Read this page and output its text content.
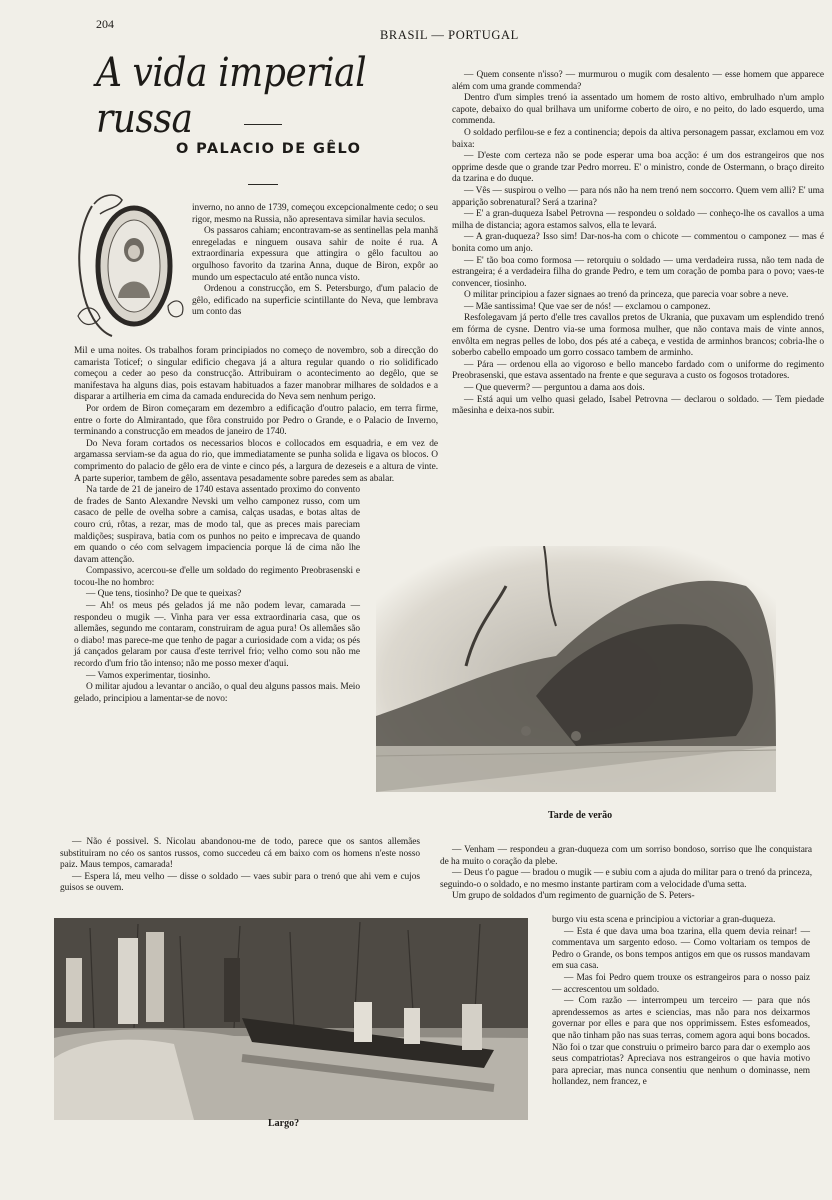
204
BRASIL — PORTUGAL
A vida imperial russa
O PALACIO DE GÊLO

inverno, no anno de 1739, começou excepcionalmente cedo; o seu rigor, mesmo na Russia, não apresentava similar havia seculos.

Os passaros cahiam; encontravam-se as sentinellas pela manhã enregeladas e ninguem ousava sahir de noite é rua. A extraordinaria expessura que attingira o gêlo facultou ao orgulhoso favorito da tzarina Anna, duque de Biron, expôr ao mundo um espectaculo até então nunca visto.

Ordenou a construcção, em S. Petersburgo, d'um palacio de gêlo, edificado na superficie scintillante do Neva, que lembrava um conto das

Mil e uma noites. Os trabalhos foram principiados no começo de novembro, sob a direcção do camarista Toticef; o singular edificio chegava já a altura regular quando o rio solidificado começou a ceder ao peso da construcção. Attribuiram o acontecimento ao degêlo, que se manifestava ha alguns dias, pois estavam habituados a fazer manobrar milhares de soldados e a disparar a artilheria em cima da camada endurecida do Neva sem nenhum perigo.

Por ordem de Biron começaram em dezembro a edificação d'outro palacio, em terra firme, entre o forte do Almirantado, que fôra construido por Pedro o Grande, e o Palacio de Inverno, terminando a construcção em meados de janeiro de 1740.

Do Neva foram cortados os necessarios blocos e collocados em esquadria, e em vez de argamassa serviam-se da agua do rio, que immediatamente se punha solida e ligava os blocos. O comprimento do palacio de gêlo era de vinte e cinco pés, a largura de dezeseis e a altura de vinte. A parte superior, tambem de gêlo, assentava pesadamente sobre paredes sem as abalar.

Na tarde de 21 de janeiro de 1740 estava assentado proximo do convento de frades de Santo Alexandre Nevski um velho camponez russo, com um casaco de pelle de ovelha sobre a camisa, calças usadas, e botas altas de couro crú, rôtas, a rezar, mas de modo tal, que as preces mais pareciam maldições; suspirava, batia com os punhos no peito e imprecava de quando em quando o céo com selvagem impaciencia porque lá de cima não lhe davam attenção.

Compassivo, acercou-se d'elle um soldado do regimento Preobrasenski e tocou-lhe no hombro:

— Que tens, tiosinho? De que te queixas?

— Ah! os meus pés gelados já me não podem levar, camarada — respondeu o mugik —. Vinha para ver essa extraordinaria casa, que os allemães, segundo me contaram, construiram de agua pura! Os allemães são o diabo! mas parece-me que tenho de pagar a curiosidade com a vida; os pés já cançados gelaram por causa d'este terrivel frio; velho como sou não me recordo d'um frio tão intenso; não me posso mexer d'aqui.

— Vamos experimentar, tiosinho.

O militar ajudou a levantar o ancião, o qual deu alguns passos mais. Meio gelado, principiou a lamentar-se de novo:

— Não é possivel. S. Nicolau abandonou-me de todo, parece que os santos allemães substituiram no céo os santos russos, como succedeu cá em baixo com os homens n'este nosso paiz. Maus tempos, camarada!

— Espera lá, meu velho — disse o soldado — vaes subir para o trenó que ahi vem e cujos guisos se ouvem.

— Quem consente n'isso? — murmurou o mugik com desalento — esse homem que apparece além com uma grande commenda?

Dentro d'um simples trenó ia assentado um homem de rosto altivo, embrulhado n'um amplo capote, debaixo do qual brilhava um uniforme coberto de oiro, e no peito, do lado esquerdo, uma commenda.

O soldado perfilou-se e fez a continencia; depois da altiva personagem passar, exclamou em voz baixa:

— D'este com certeza não se pode esperar uma boa acção: é um dos estrangeiros que nos opprime desde que o grande tzar Pedro morreu. E' o ministro, conde de Ostermann, o braço direito da tzarina e do duque.

— Vês — suspirou o velho — para nós não ha nem trenó nem soccorro. Quem vem alli? E' uma apparição sobrenatural? Será a tzarina?

— E' a gran-duqueza Isabel Petrovna — respondeu o soldado — conheço-lhe os cavallos a uma milha de distancia; agora estamos salvos, ella te levará.

— A gran-duqueza? Isso sim! Dar-nos-ha com o chicote — commentou o camponez — mas é bonita como um anjo.

— E' tão boa como formosa — retorquiu o soldado — uma verdadeira russa, não tem nada de estrangeira; é a verdadeira filha do grande Pedro, e tem um coração de pomba para o povo; vaes-te convencer, tiosinho.

O militar principiou a fazer signaes ao trenó da princeza, que parecia voar sobre a neve.

— Mãe santissima! Que vae ser de nós! — exclamou o camponez.

Resfolegavam já perto d'elle tres cavallos pretos de Ukrania, que puxavam um esplendido trenó em fórma de cysne. Dentro via-se uma formosa mulher, que não contava mais de vinte annos, envôlta em negras pelles de lobo, dos pés até a cabeça, e vestida de arminhos brancos; cobria-lhe o soberbo cabello empoado um gorro cossaco tambem de arminho.

— Pára — ordenou ella ao vigoroso e bello mancebo fardado com o uniforme do regimento Preobrasenski, que estava assentado na frente e que segurava a custo os fogosos trotadores.

— Que queverm? — perguntou a dama aos dois.

— Está aqui um velho quasi gelado, Isabel Petrovna — declarou o soldado. — Tem piedade mãesinha e deixa-nos subir.

Tarde de verão

— Venham — respondeu a gran-duqueza com um sorriso bondoso, sorriso que lhe conquistara de ha muito o coração da plebe.

— Deus t'o pague — bradou o mugik — e subiu com a ajuda do militar para o trenó da princeza, seguindo-o o soldado, e no mesmo instante partiram com a velocidade d'uma setta.

Um grupo de soldados d'um regimento de guarnição de S. Peters-

burgo viu esta scena e principiou a victoriar a gran-duqueza.

— Esta é que dava uma boa tzarina, ella quem devia reinar! — commentava um sargento edoso. — Como voltariam os tempos de Pedro o Grande, os bons tempos antigos em que os russos mandavam em sua casa.

— Mas foi Pedro quem trouxe os estrangeiros para o nosso paiz — accrescentou um soldado.

— Com razão — interrompeu um terceiro — para que nós aprendessemos as artes e sciencias, mas não para nos deixarmos governar por elles e para que nos opprimissem. Estes esfomeados, que não tinham pão nas suas terras, comem agora aqui bons bocados. Não foi o tzar que construiu o primeiro barco para dar o exemplo aos seus compatriotas? Apreciava nos estrangeiros o que havia motivo para apreciar, mas nunca consentiu que nenhum o dominasse, nem hollandez, nem francez, e

Largo?
